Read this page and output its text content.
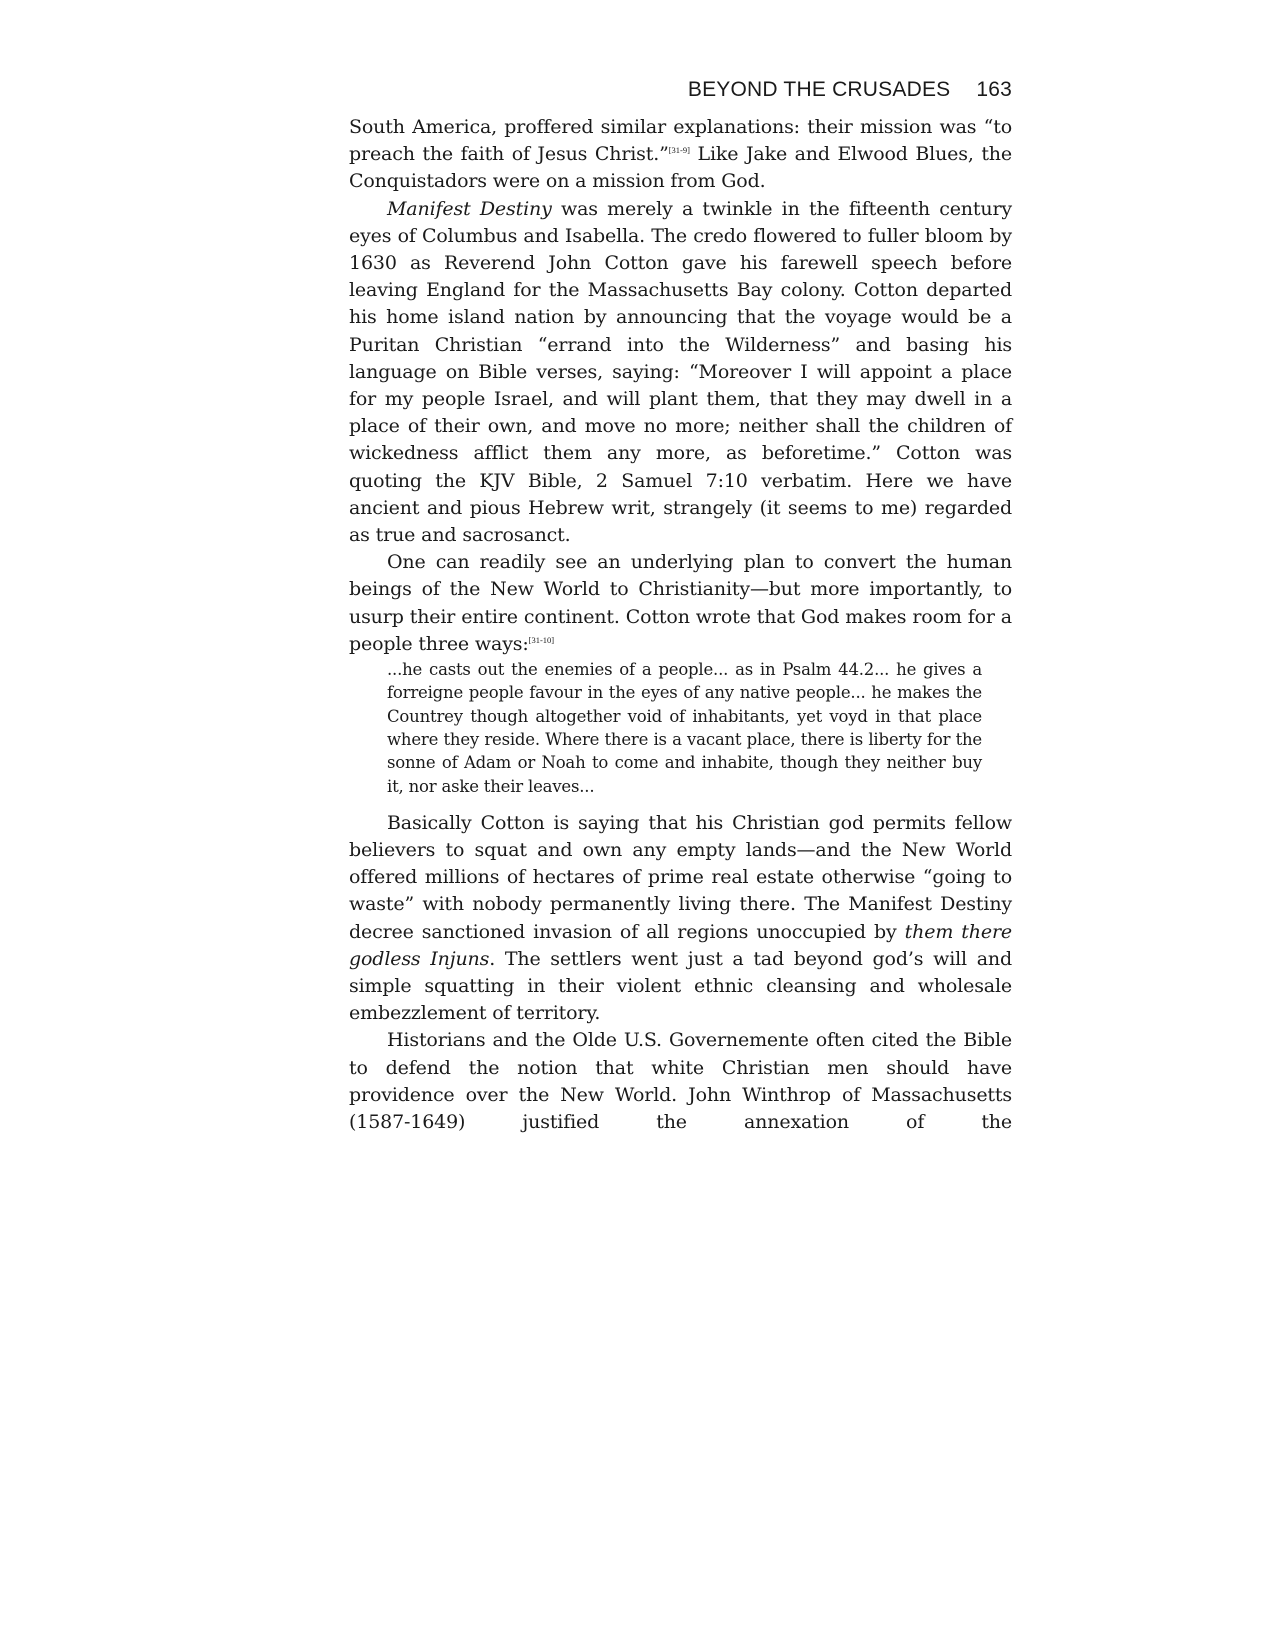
BEYOND THE CRUSADES 163

South America, proffered similar explanations: their mission was “to preach the faith of Jesus Christ.”[31-9] Like Jake and Elwood Blues, the Conquistadors were on a mission from God.

Manifest Destiny was merely a twinkle in the fifteenth century eyes of Columbus and Isabella. The credo flowered to fuller bloom by 1630 as Reverend John Cotton gave his farewell speech before leaving England for the Massachusetts Bay colony. Cotton departed his home island nation by announcing that the voyage would be a Puritan Christian “errand into the Wilderness” and basing his language on Bible verses, saying: “Moreover I will appoint a place for my people Israel, and will plant them, that they may dwell in a place of their own, and move no more; neither shall the children of wickedness afflict them any more, as beforetime.” Cotton was quoting the KJV Bible, 2 Samuel 7:10 verbatim. Here we have ancient and pious Hebrew writ, strangely (it seems to me) regarded as true and sacrosanct.

One can readily see an underlying plan to convert the human beings of the New World to Christianity—but more importantly, to usurp their entire continent. Cotton wrote that God makes room for a people three ways:[31-10]

...he casts out the enemies of a people... as in Psalm 44.2... he gives a forreigne people favour in the eyes of any native people... he makes the Countrey though altogether void of inhabitants, yet voyd in that place where they reside. Where there is a vacant place, there is liberty for the sonne of Adam or Noah to come and inhabite, though they neither buy it, nor aske their leaves...

Basically Cotton is saying that his Christian god permits fellow believers to squat and own any empty lands—and the New World offered millions of hectares of prime real estate otherwise “going to waste” with nobody permanently living there. The Manifest Destiny decree sanctioned invasion of all regions unoccupied by them there godless Injuns. The settlers went just a tad beyond god’s will and simple squatting in their violent ethnic cleansing and wholesale embezzlement of territory.

Historians and the Olde U.S. Governemente often cited the Bible to defend the notion that white Christian men should have providence over the New World. John Winthrop of Massachusetts (1587-1649) justified the annexation of the
